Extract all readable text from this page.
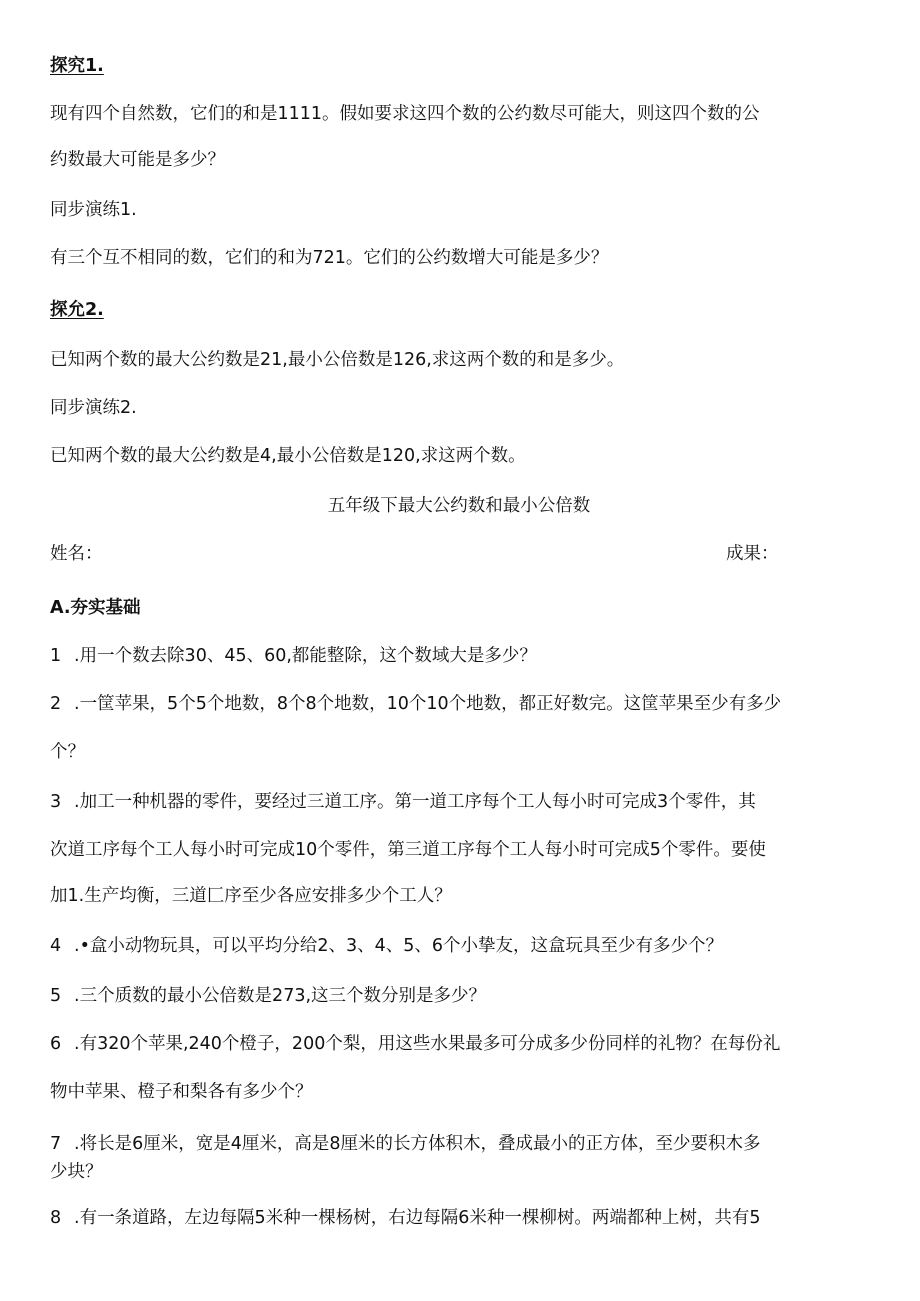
探究1.
现有四个自然数，它们的和是1111。假如要求这四个数的公约数尽可能大，则这四个数的公
约数最大可能是多少？
同步演练1.
有三个互不相同的数，它们的和为721。它们的公约数增大可能是多少？
探允2.
已知两个数的最大公约数是21,最小公倍数是126,求这两个数的和是多少。
同步演练2.
已知两个数的最大公约数是4,最小公倍数是120,求这两个数。
五年级下最大公约数和最小公倍数
姓名：	成果：
A.夯实基础
1 .用一个数去除30、45、60,都能整除，这个数域大是多少？
2 .一筐苹果，5个5个地数，8个8个地数，10个10个地数，都正好数完。这筐苹果至少有多少
个？
3 .加工一种机器的零件，要经过三道工序。第一道工序每个工人每小时可完成3个零件，其
次道工序每个工人每小时可完成10个零件，第三道工序每个工人每小时可完成5个零件。要使
加1.生产均衡，三道匚序至少各应安排多少个工人？
4 .•盒小动物玩具，可以平均分给2、3、4、5、6个小挚友，这盒玩具至少有多少个？
5 .三个质数的最小公倍数是273,这三个数分别是多少？
6 .有320个苹果,240个橙子，200个梨，用这些水果最多可分成多少份同样的礼物？在每份礼
物中苹果、橙子和梨各有多少个？
7 .将长是6厘米，宽是4厘米，高是8厘米的长方体积木，叠成最小的正方体，至少要积木多
少块？
8 .有一条道路，左边每隔5米种一棵杨树，右边每隔6米种一棵柳树。两端都种上树，共有5
